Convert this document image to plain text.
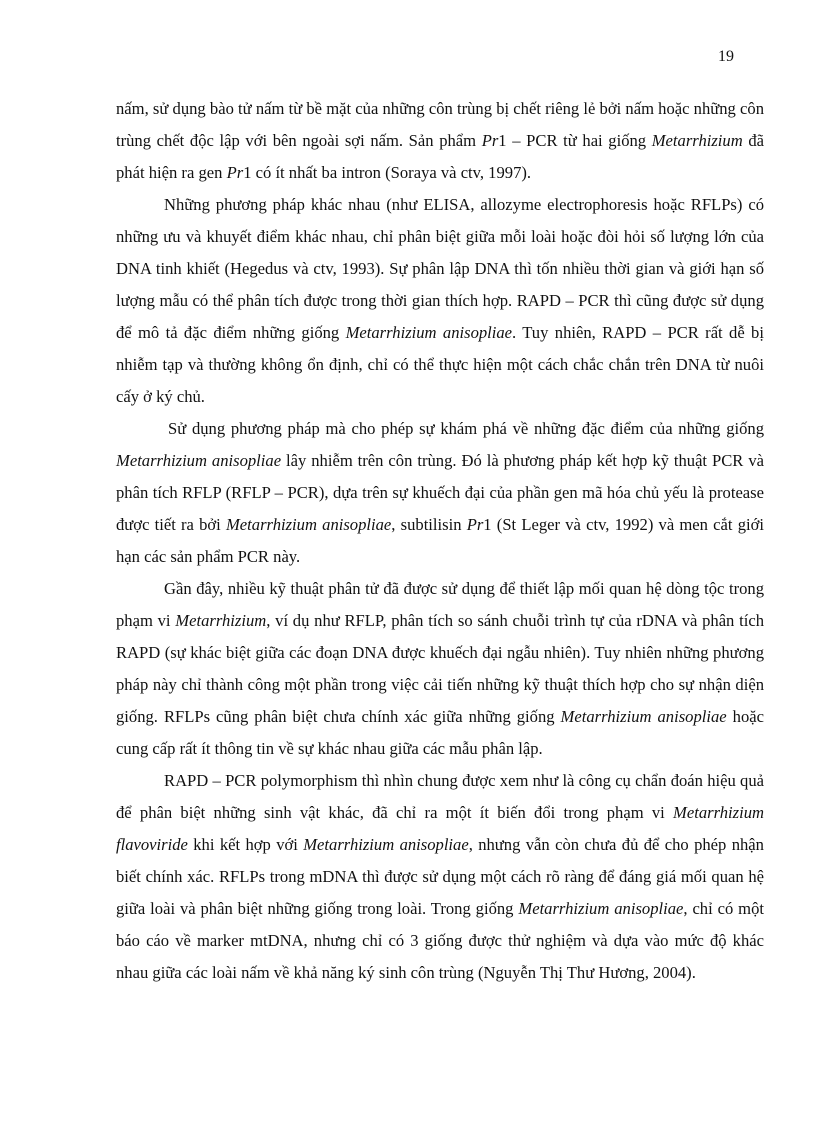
19

nấm, sử dụng bào tử nấm từ bề mặt của những côn trùng bị chết riêng lẻ bởi nấm hoặc những côn trùng chết độc lập với bên ngoài sợi nấm. Sản phẩm Pr1 – PCR từ hai giống Metarrhizium đã phát hiện ra gen Pr1 có ít nhất ba intron (Soraya và ctv, 1997).

Những phương pháp khác nhau (như ELISA, allozyme electrophoresis hoặc RFLPs) có những ưu và khuyết điểm khác nhau, chỉ phân biệt giữa mỗi loài hoặc đòi hỏi số lượng lớn của DNA tinh khiết (Hegedus và ctv, 1993). Sự phân lập DNA thì tốn nhiều thời gian và giới hạn số lượng mẫu có thể phân tích được trong thời gian thích hợp. RAPD – PCR thì cũng được sử dụng để mô tả đặc điểm những giống Metarrhizium anisopliae. Tuy nhiên, RAPD – PCR rất dễ bị nhiễm tạp và thường không ổn định, chỉ có thể thực hiện một cách chắc chắn trên DNA từ nuôi cấy ở ký chủ.

Sử dụng phương pháp mà cho phép sự khám phá về những đặc điểm của những giống Metarrhizium anisopliae lây nhiễm trên côn trùng. Đó là phương pháp kết hợp kỹ thuật PCR và phân tích RFLP (RFLP – PCR), dựa trên sự khuếch đại của phần gen mã hóa chủ yếu là protease được tiết ra bởi Metarrhizium anisopliae, subtilisin Pr1 (St Leger và ctv, 1992) và men cắt giới hạn các sản phẩm PCR này.

Gần đây, nhiều kỹ thuật phân tử đã được sử dụng để thiết lập mối quan hệ dòng tộc trong phạm vi Metarrhizium, ví dụ như RFLP, phân tích so sánh chuỗi trình tự của rDNA và phân tích RAPD (sự khác biệt giữa các đoạn DNA được khuếch đại ngẫu nhiên). Tuy nhiên những phương pháp này chỉ thành công một phần trong việc cải tiến những kỹ thuật thích hợp cho sự nhận diện giống. RFLPs cũng phân biệt chưa chính xác giữa những giống Metarrhizium anisopliae hoặc cung cấp rất ít thông tin về sự khác nhau giữa các mẫu phân lập.

RAPD – PCR polymorphism thì nhìn chung được xem như là công cụ chẩn đoán hiệu quả để phân biệt những sinh vật khác, đã chỉ ra một ít biến đổi trong phạm vi Metarrhizium flavoviride khi kết hợp với Metarrhizium anisopliae, nhưng vẫn còn chưa đủ để cho phép nhận biết chính xác. RFLPs trong mDNA thì được sử dụng một cách rõ ràng để đáng giá mối quan hệ giữa loài và phân biệt những giống trong loài. Trong giống Metarrhizium anisopliae, chỉ có một báo cáo về marker mtDNA, nhưng chỉ có 3 giống được thử nghiệm và dựa vào mức độ khác nhau giữa các loài nấm về khả năng ký sinh côn trùng (Nguyễn Thị Thư Hương, 2004).
